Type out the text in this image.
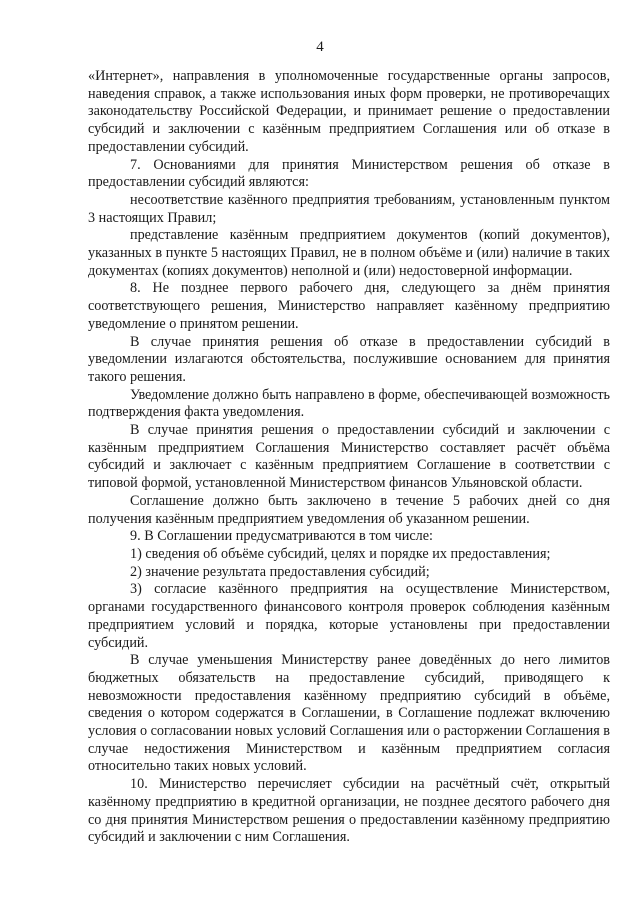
4

«Интернет», направления в уполномоченные государственные органы запросов, наведения справок, а также использования иных форм проверки, не противоречащих законодательству Российской Федерации, и принимает решение о предоставлении субсидий и заключении с казённым предприятием Соглашения или об отказе в предоставлении субсидий.

7. Основаниями для принятия Министерством решения об отказе в предоставлении субсидий являются:

несоответствие казённого предприятия требованиям, установленным пунктом 3 настоящих Правил;

представление казённым предприятием документов (копий документов), указанных в пункте 5 настоящих Правил, не в полном объёме и (или) наличие в таких документах (копиях документов) неполной и (или) недостоверной информации.

8. Не позднее первого рабочего дня, следующего за днём принятия соответствующего решения, Министерство направляет казённому предприятию уведомление о принятом решении.

В случае принятия решения об отказе в предоставлении субсидий в уведомлении излагаются обстоятельства, послужившие основанием для принятия такого решения.

Уведомление должно быть направлено в форме, обеспечивающей возможность подтверждения факта уведомления.

В случае принятия решения о предоставлении субсидий и заключении с казённым предприятием Соглашения Министерство составляет расчёт объёма субсидий и заключает с казённым предприятием Соглашение в соответствии с типовой формой, установленной Министерством финансов Ульяновской области.

Соглашение должно быть заключено в течение 5 рабочих дней со дня получения казённым предприятием уведомления об указанном решении.

9. В Соглашении предусматриваются в том числе:

1) сведения об объёме субсидий, целях и порядке их предоставления;

2) значение результата предоставления субсидий;

3) согласие казённого предприятия на осуществление Министерством, органами государственного финансового контроля проверок соблюдения казённым предприятием условий и порядка, которые установлены при предоставлении субсидий.

В случае уменьшения Министерству ранее доведённых до него лимитов бюджетных обязательств на предоставление субсидий, приводящего к невозможности предоставления казённому предприятию субсидий в объёме, сведения о котором содержатся в Соглашении, в Соглашение подлежат включению условия о согласовании новых условий Соглашения или о расторжении Соглашения в случае недостижения Министерством и казённым предприятием согласия относительно таких новых условий.

10. Министерство перечисляет субсидии на расчётный счёт, открытый казённому предприятию в кредитной организации, не позднее десятого рабочего дня со дня принятия Министерством решения о предоставлении казённому предприятию субсидий и заключении с ним Соглашения.
